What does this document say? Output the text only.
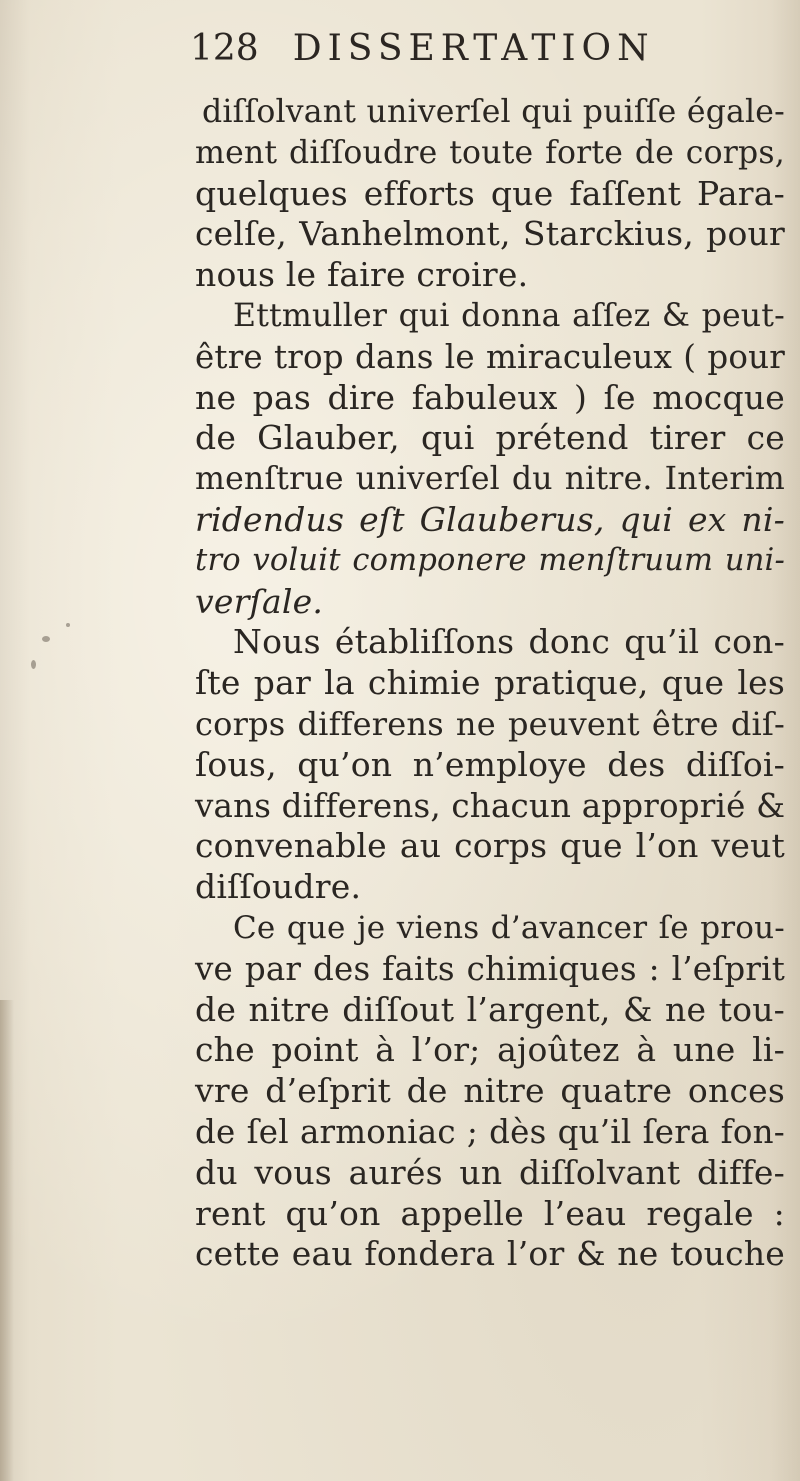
128 DISSERTATION
diſſolvant univerſel qui puiſſe égale-
ment diſſoudre toute forte de corps,
quelques efforts que faſſent Para-
celſe, Vanhelmont, Starckius, pour
nous le faire croire.
Ettmuller qui donna aſſez & peut-
être trop dans le miraculeux ( pour
ne pas dire fabuleux ) ſe mocque
de Glauber, qui prétend tirer ce
menſtrue univerſel du nitre. Interim
ridendus eſt Glauberus, qui ex ni-
tro voluit componere menſtruum uni-
verſale.
Nous établiſſons donc qu’il con-
ſte par la chimie pratique, que les
corps differens ne peuvent être diſ-
ſous, qu’on n’employe des diſſoi-
vans differens, chacun approprié &
convenable au corps que l’on veut
diſſoudre.
Ce que je viens d’avancer ſe prou-
ve par des faits chimiques : l’eſprit
de nitre diſſout l’argent, & ne tou-
che point à l’or; ajoûtez à une li-
vre d’eſprit de nitre quatre onces
de ſel armoniac ; dès qu’il ſera fon-
du vous aurés un diſſolvant diffe-
rent qu’on appelle l’eau regale :
cette eau fondera l’or & ne touche
